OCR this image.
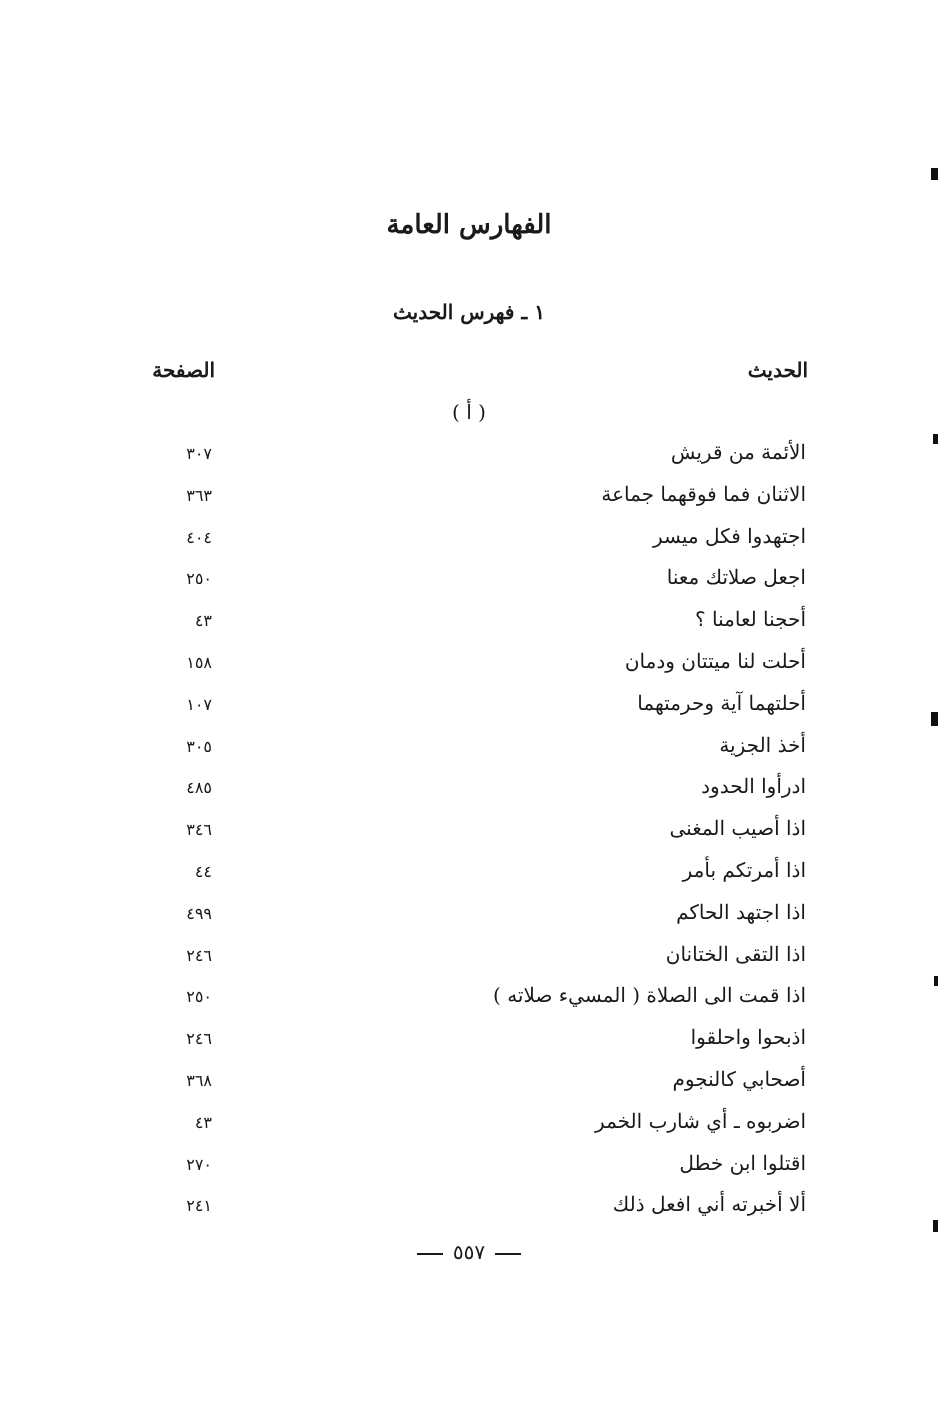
الفهارس العامة
١ ـ فهرس الحديث
الحديث
الصفحة
( أ )
الأئمة من قريش
٣٠٧
الاثنان فما فوقهما جماعة
٣٦٣
اجتهدوا فكل ميسر
٤٠٤
اجعل صلاتك معنا
٢٥٠
أحجنا لعامنا ؟
٤٣
أحلت لنا ميتتان ودمان
١٥٨
أحلتهما آية وحرمتهما
١٠٧
أخذ الجزية
٣٠٥
ادرأوا الحدود
٤٨٥
اذا أصيب المغنى
٣٤٦
اذا أمرتكم بأمر
٤٤
اذا اجتهد الحاكم
٤٩٩
اذا التقى الختانان
٢٤٦
اذا قمت الى الصلاة ( المسيء صلاته )
٢٥٠
اذبحوا واحلقوا
٢٤٦
أصحابي كالنجوم
٣٦٨
اضربوه ـ أي شارب الخمر
٤٣
اقتلوا ابن خطل
٢٧٠
ألا أخبرته أني افعل ذلك
٢٤١
٥٥٧
